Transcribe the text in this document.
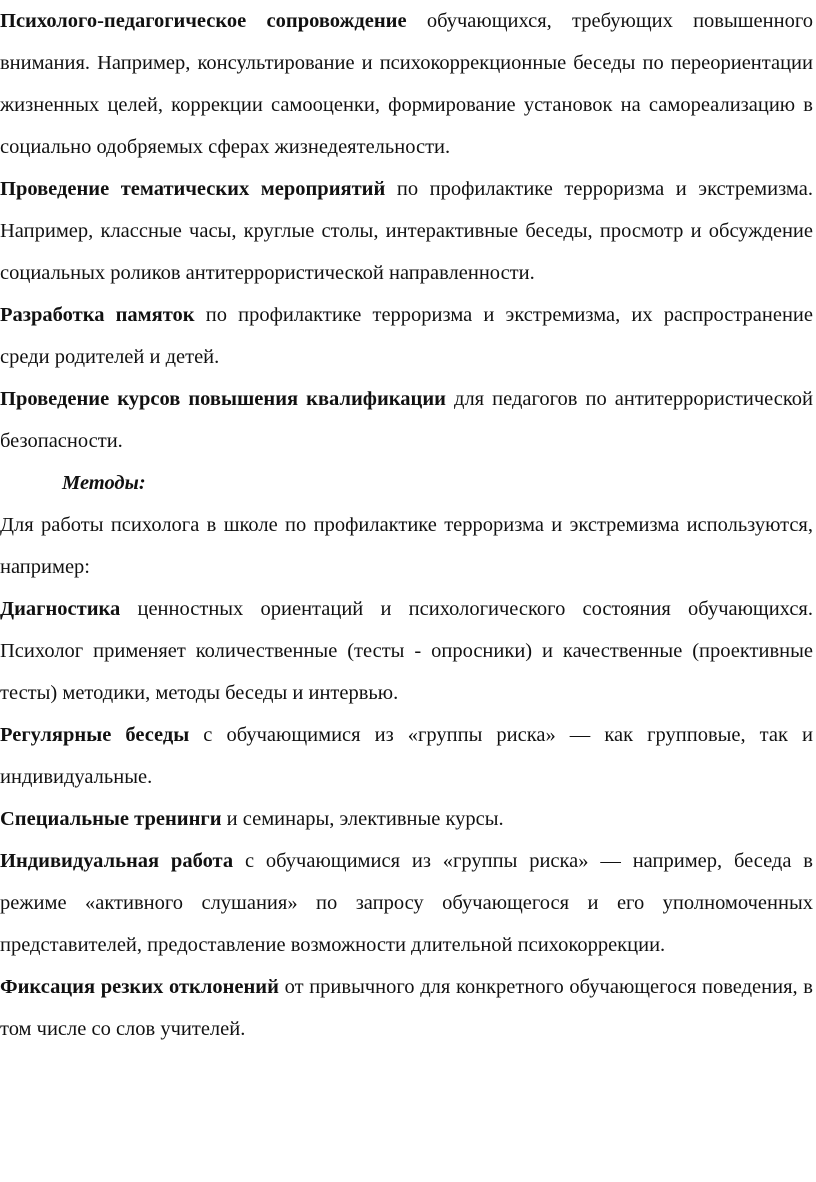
Психолого-педагогическое сопровождение обучающихся, требующих повышенного внимания. Например, консультирование и психокоррекционные беседы по переориентации жизненных целей, коррекции самооценки, формирование установок на самореализацию в социально одобряемых сферах жизнедеятельности.

Проведение тематических мероприятий по профилактике терроризма и экстремизма. Например, классные часы, круглые столы, интерактивные беседы, просмотр и обсуждение социальных роликов антитеррористической направленности.

Разработка памяток по профилактике терроризма и экстремизма, их распространение среди родителей и детей.

Проведение курсов повышения квалификации для педагогов по антитеррористической безопасности.

Методы:

Для работы психолога в школе по профилактике терроризма и экстремизма используются, например:

Диагностика ценностных ориентаций и психологического состояния обучающихся. Психолог применяет количественные (тесты - опросники) и качественные (проективные тесты) методики, методы беседы и интервью.

Регулярные беседы с обучающимися из «группы риска» — как групповые, так и индивидуальные.

Специальные тренинги и семинары, элективные курсы.

Индивидуальная работа с обучающимися из «группы риска» — например, беседа в режиме «активного слушания» по запросу обучающегося и его уполномоченных представителей, предоставление возможности длительной психокоррекции.

Фиксация резких отклонений от привычного для конкретного обучающегося поведения, в том числе со слов учителей.
